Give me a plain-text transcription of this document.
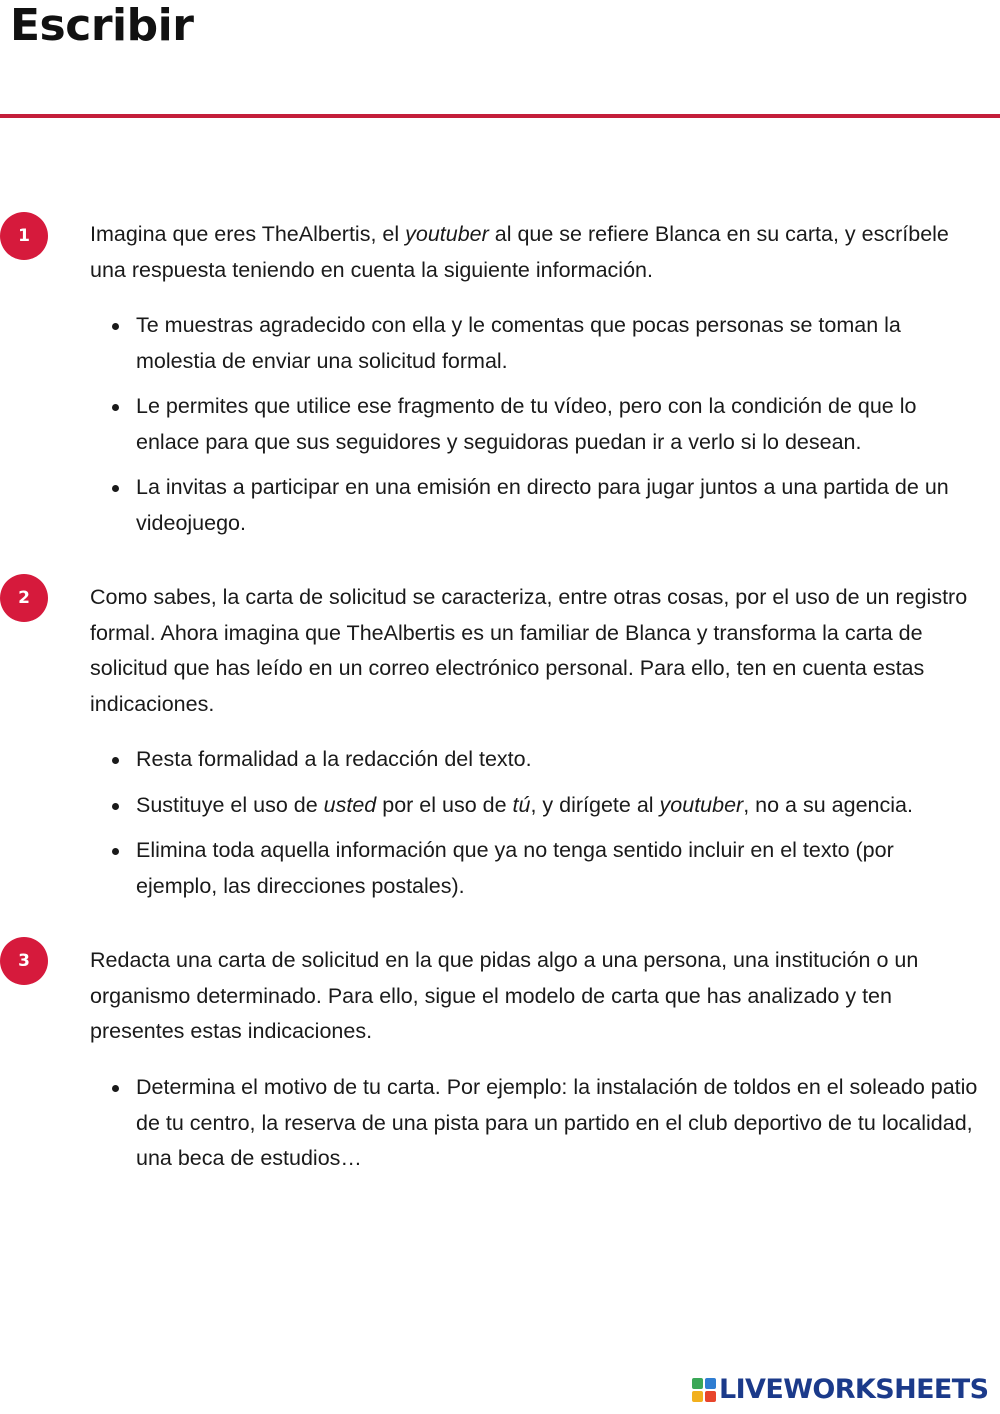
Escribir
1	Imagina que eres TheAlbertis, el youtuber al que se refiere Blanca en su carta, y escríbele una respuesta teniendo en cuenta la siguiente información.

Te muestras agradecido con ella y le comentas que pocas personas se toman la molestia de enviar una solicitud formal.
Le permites que utilice ese fragmento de tu vídeo, pero con la condición de que lo enlace para que sus seguidores y seguidoras puedan ir a verlo si lo desean.
La invitas a participar en una emisión en directo para jugar juntos a una partida de un videojuego.
2	Como sabes, la carta de solicitud se caracteriza, entre otras cosas, por el uso de un registro formal. Ahora imagina que TheAlbertis es un familiar de Blanca y transforma la carta de solicitud que has leído en un correo electrónico personal. Para ello, ten en cuenta estas indicaciones.

Resta formalidad a la redacción del texto.
Sustituye el uso de usted por el uso de tú, y dirígete al youtuber, no a su agencia.
Elimina toda aquella información que ya no tenga sentido incluir en el texto (por ejemplo, las direcciones postales).
3	Redacta una carta de solicitud en la que pidas algo a una persona, una institución o un organismo determinado. Para ello, sigue el modelo de carta que has analizado y ten presentes estas indicaciones.

Determina el motivo de tu carta. Por ejemplo: la instalación de toldos en el soleado patio de tu centro, la reserva de una pista para un partido en el club deportivo de tu localidad, una beca de estudios…
LIVEWORKSHEETS
